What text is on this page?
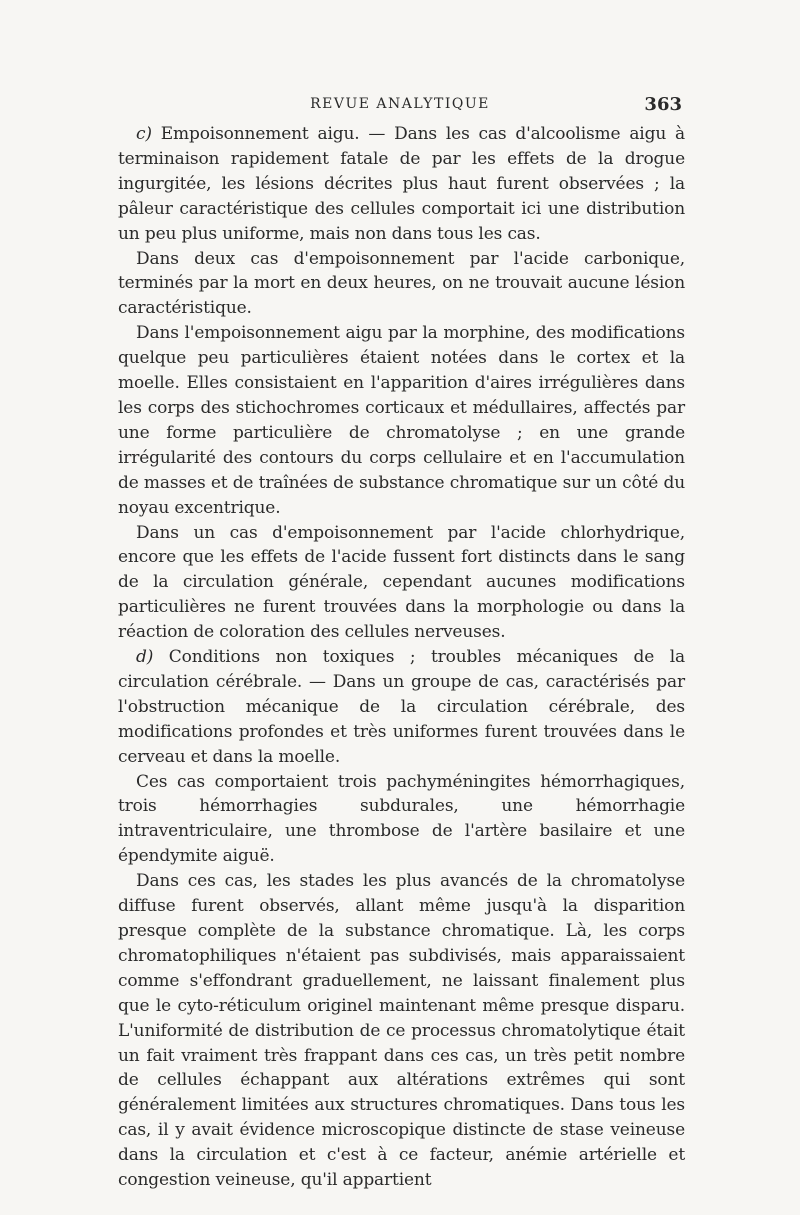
REVUE ANALYTIQUE	363

c) Empoisonnement aigu. — Dans les cas d'alcoolisme aigu à terminaison rapidement fatale de par les effets de la drogue ingurgitée, les lésions décrites plus haut furent observées ; la pâleur caractéristique des cellules comportait ici une distribution un peu plus uniforme, mais non dans tous les cas.

Dans deux cas d'empoisonnement par l'acide carbonique, terminés par la mort en deux heures, on ne trouvait aucune lésion caractéristique.

Dans l'empoisonnement aigu par la morphine, des modifications quelque peu particulières étaient notées dans le cortex et la moelle. Elles consistaient en l'apparition d'aires irrégulières dans les corps des stichochromes corticaux et médullaires, affectés par une forme particulière de chromatolyse ; en une grande irrégularité des contours du corps cellulaire et en l'accumulation de masses et de traînées de substance chromatique sur un côté du noyau excentrique.

Dans un cas d'empoisonnement par l'acide chlorhydrique, encore que les effets de l'acide fussent fort distincts dans le sang de la circulation générale, cependant aucunes modifications particulières ne furent trouvées dans la morphologie ou dans la réaction de coloration des cellules nerveuses.

d) Conditions non toxiques ; troubles mécaniques de la circulation cérébrale. — Dans un groupe de cas, caractérisés par l'obstruction mécanique de la circulation cérébrale, des modifications profondes et très uniformes furent trouvées dans le cerveau et dans la moelle.

Ces cas comportaient trois pachyméningites hémorrhagiques, trois hémorrhagies subdurales, une hémorrhagie intraventriculaire, une thrombose de l'artère basilaire et une épendymite aiguë.

Dans ces cas, les stades les plus avancés de la chromatolyse diffuse furent observés, allant même jusqu'à la disparition presque complète de la substance chromatique. Là, les corps chromatophiliques n'étaient pas subdivisés, mais apparaissaient comme s'effondrant graduellement, ne laissant finalement plus que le cyto-réticulum originel maintenant même presque disparu. L'uniformité de distribution de ce processus chromatolytique était un fait vraiment très frappant dans ces cas, un très petit nombre de cellules échappant aux altérations extrêmes qui sont généralement limitées aux structures chromatiques. Dans tous les cas, il y avait évidence microscopique distincte de stase veineuse dans la circulation et c'est à ce facteur, anémie artérielle et congestion veineuse, qu'il appartient
